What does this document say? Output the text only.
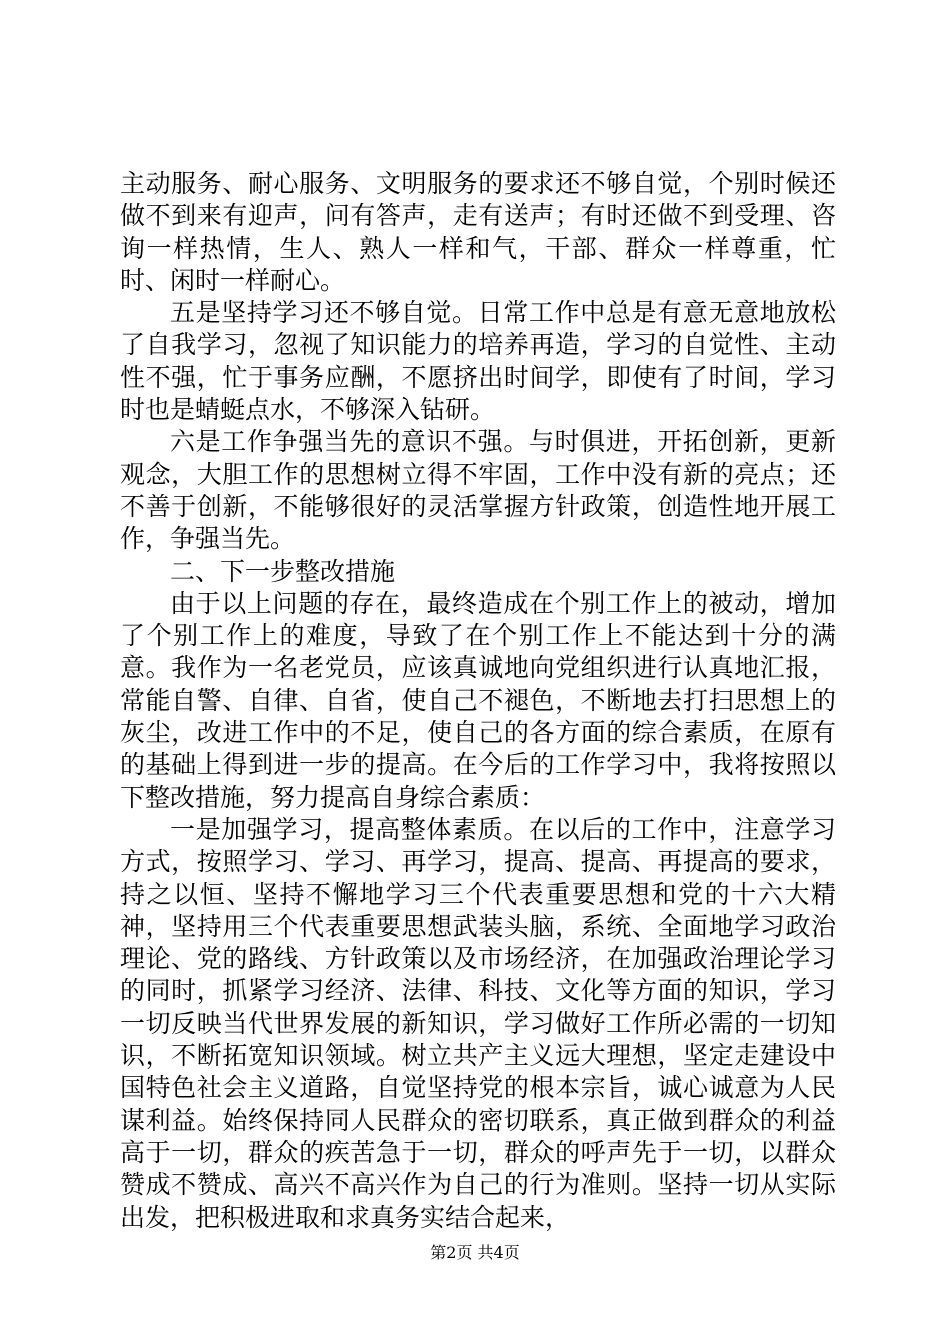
主动服务、耐心服务、文明服务的要求还不够自觉，个别时候还做不到来有迎声，问有答声，走有送声；有时还做不到受理、咨询一样热情，生人、熟人一样和气，干部、群众一样尊重，忙时、闲时一样耐心。

五是坚持学习还不够自觉。日常工作中总是有意无意地放松了自我学习，忽视了知识能力的培养再造，学习的自觉性、主动性不强，忙于事务应酬，不愿挤出时间学，即使有了时间，学习时也是蜻蜓点水，不够深入钻研。

六是工作争强当先的意识不强。与时俱进，开拓创新，更新观念，大胆工作的思想树立得不牢固，工作中没有新的亮点；还不善于创新，不能够很好的灵活掌握方针政策，创造性地开展工作，争强当先。

二、下一步整改措施

由于以上问题的存在，最终造成在个别工作上的被动，增加了个别工作上的难度，导致了在个别工作上不能达到十分的满意。我作为一名老党员，应该真诚地向党组织进行认真地汇报，常能自警、自律、自省，使自己不褪色，不断地去打扫思想上的灰尘，改进工作中的不足，使自己的各方面的综合素质，在原有的基础上得到进一步的提高。在今后的工作学习中，我将按照以下整改措施，努力提高自身综合素质：

一是加强学习，提高整体素质。在以后的工作中，注意学习方式，按照学习、学习、再学习，提高、提高、再提高的要求，持之以恒、坚持不懈地学习三个代表重要思想和党的十六大精神，坚持用三个代表重要思想武装头脑，系统、全面地学习政治理论、党的路线、方针政策以及市场经济，在加强政治理论学习的同时，抓紧学习经济、法律、科技、文化等方面的知识，学习一切反映当代世界发展的新知识，学习做好工作所必需的一切知识，不断拓宽知识领域。树立共产主义远大理想，坚定走建设中国特色社会主义道路，自觉坚持党的根本宗旨，诚心诚意为人民谋利益。始终保持同人民群众的密切联系，真正做到群众的利益高于一切，群众的疾苦急于一切，群众的呼声先于一切，以群众赞成不赞成、高兴不高兴作为自己的行为准则。坚持一切从实际出发，把积极进取和求真务实结合起来，

第2页 共4页
